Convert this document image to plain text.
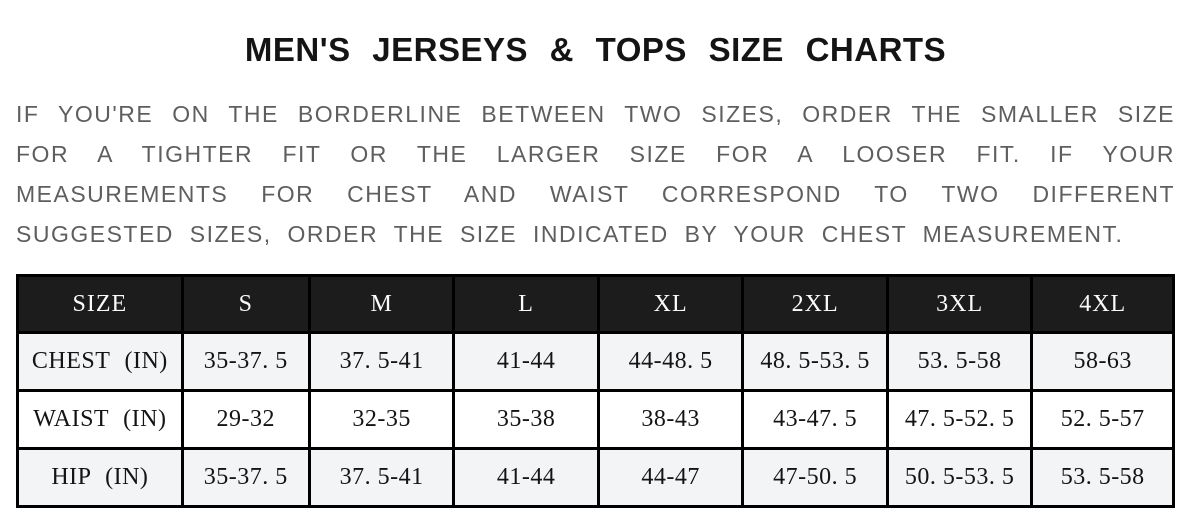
MEN'S JERSEYS & TOPS SIZE CHARTS

IF YOU'RE ON THE BORDERLINE BETWEEN TWO SIZES, ORDER THE SMALLER SIZE FOR A TIGHTER FIT OR THE LARGER SIZE FOR A LOOSER FIT. IF YOUR MEASUREMENTS FOR CHEST AND WAIST CORRESPOND TO TWO DIFFERENT SUGGESTED SIZES, ORDER THE SIZE INDICATED BY YOUR CHEST MEASUREMENT.

SIZE	S	M	L	XL	2XL	3XL	4XL
CHEST (IN)	35-37. 5	37. 5-41	41-44	44-48. 5	48. 5-53. 5	53. 5-58	58-63
WAIST (IN)	29-32	32-35	35-38	38-43	43-47. 5	47. 5-52. 5	52. 5-57
HIP (IN)	35-37. 5	37. 5-41	41-44	44-47	47-50. 5	50. 5-53. 5	53. 5-58
